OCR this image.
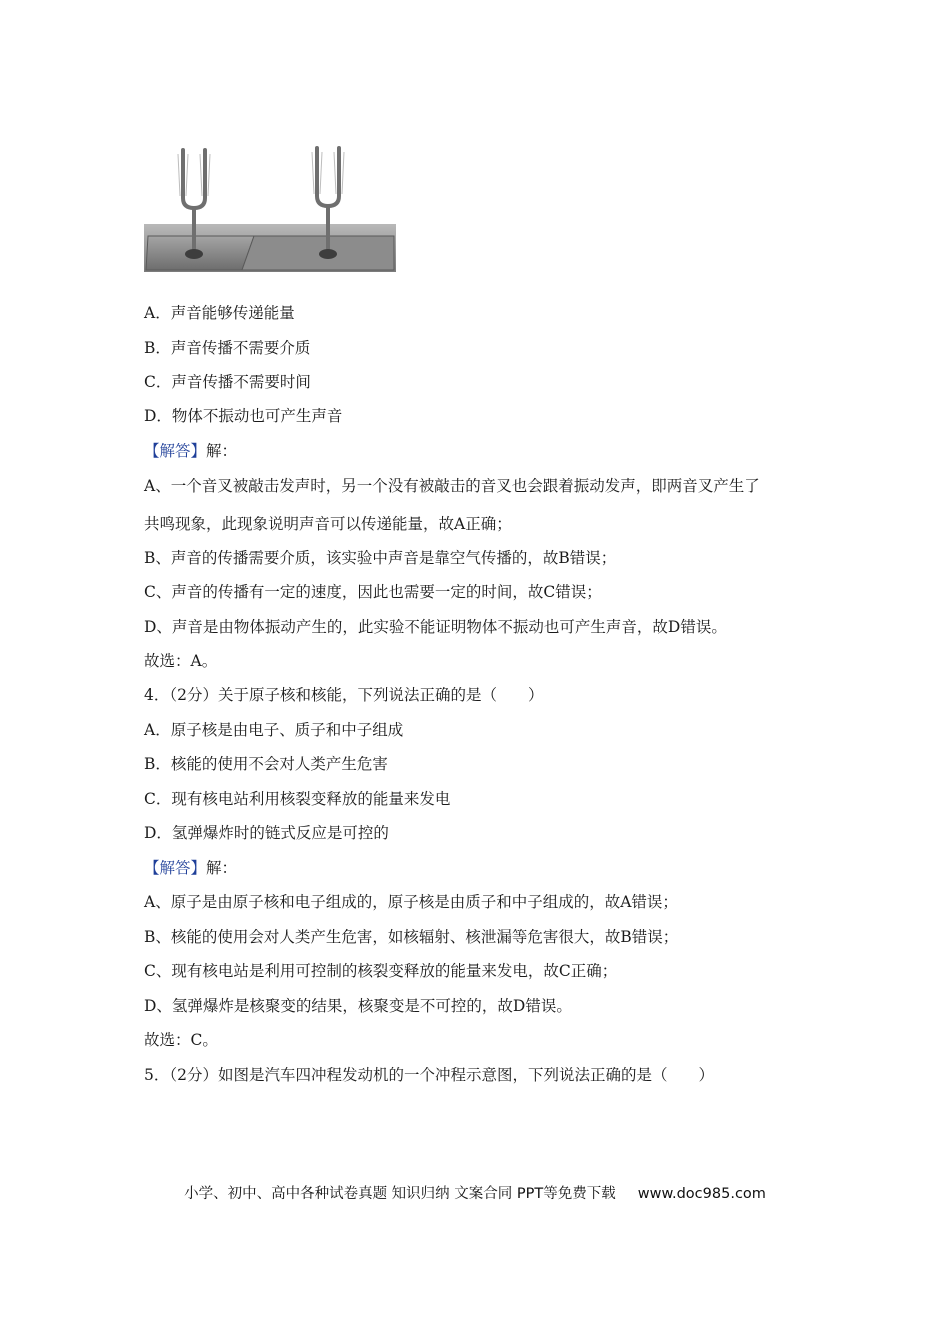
A．声音能够传递能量
B．声音传播不需要介质
C．声音传播不需要时间
D．物体不振动也可产生声音
【解答】解：
A、一个音叉被敲击发声时，另一个没有被敲击的音叉也会跟着振动发声，即两音叉产生了
共鸣现象，此现象说明声音可以传递能量，故A正确；
B、声音的传播需要介质，该实验中声音是靠空气传播的，故B错误；
C、声音的传播有一定的速度，因此也需要一定的时间，故C错误；
D、声音是由物体振动产生的，此实验不能证明物体不振动也可产生声音，故D错误。
故选：A。
4．（2分）关于原子核和核能，下列说法正确的是（　　）
A．原子核是由电子、质子和中子组成
B．核能的使用不会对人类产生危害
C．现有核电站利用核裂变释放的能量来发电
D．氢弹爆炸时的链式反应是可控的
【解答】解：
A、原子是由原子核和电子组成的，原子核是由质子和中子组成的，故A错误；
B、核能的使用会对人类产生危害，如核辐射、核泄漏等危害很大，故B错误；
C、现有核电站是利用可控制的核裂变释放的能量来发电，故C正确；
D、氢弹爆炸是核聚变的结果，核聚变是不可控的，故D错误。
故选：C。
5．（2分）如图是汽车四冲程发动机的一个冲程示意图，下列说法正确的是（　　）
小学、初中、高中各种试卷真题 知识归纳 文案合同 PPT等免费下载 www.doc985.com
